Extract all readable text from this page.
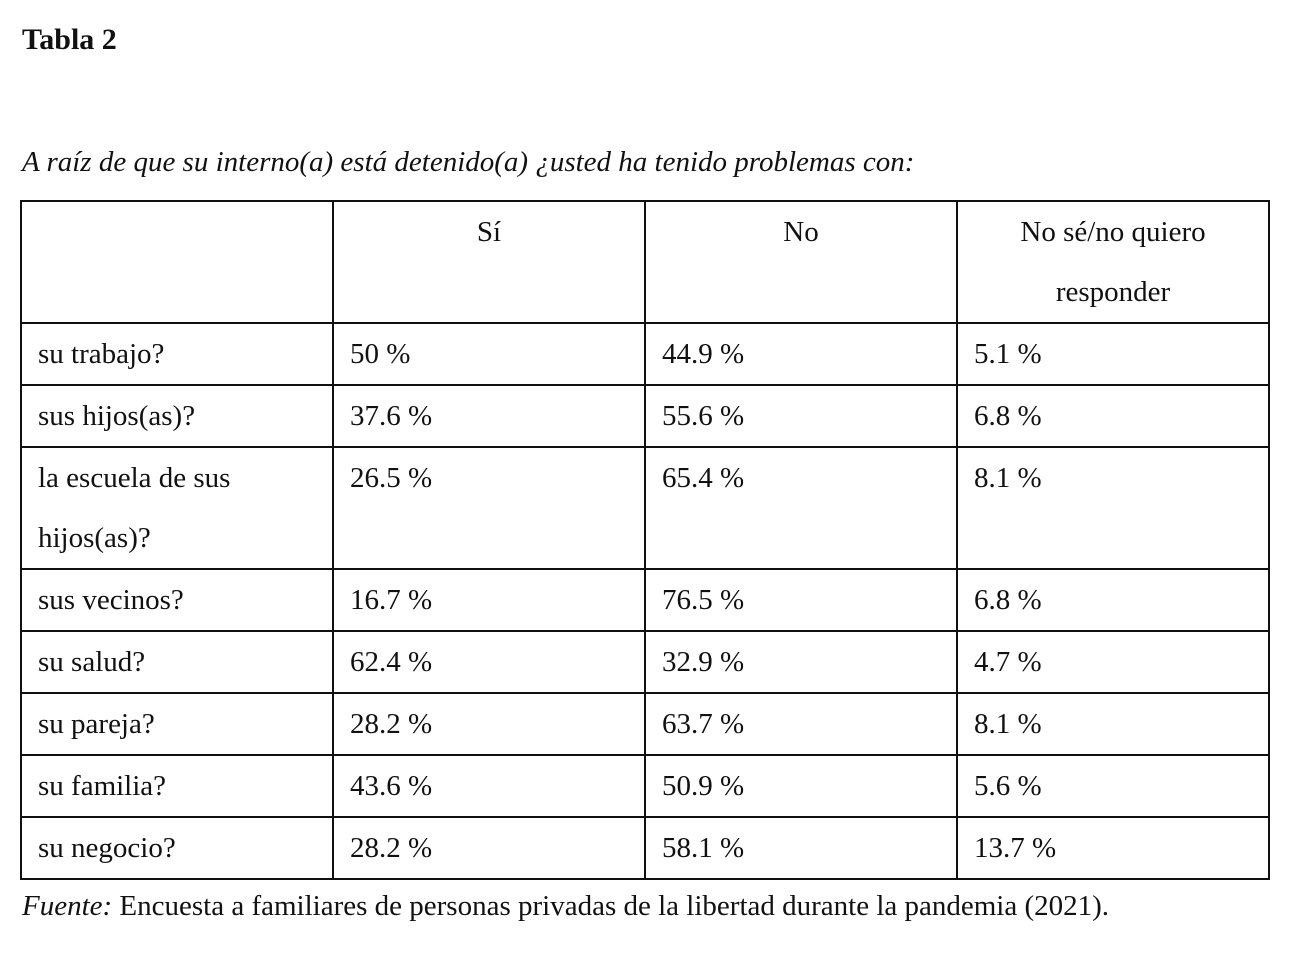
Tabla 2

A raíz de que su interno(a) está detenido(a) ¿usted ha tenido problemas con:

	Sí	No	No sé/no quiero responder
su trabajo?	50 %	44.9 %	5.1 %
sus hijos(as)?	37.6 %	55.6 %	6.8 %
la escuela de sus hijos(as)?	26.5 %	65.4 %	8.1 %
sus vecinos?	16.7 %	76.5 %	6.8 %
su salud?	62.4 %	32.9 %	4.7 %
su pareja?	28.2 %	63.7 %	8.1 %
su familia?	43.6 %	50.9 %	5.6 %
su negocio?	28.2 %	58.1 %	13.7 %

Fuente: Encuesta a familiares de personas privadas de la libertad durante la pandemia (2021).
